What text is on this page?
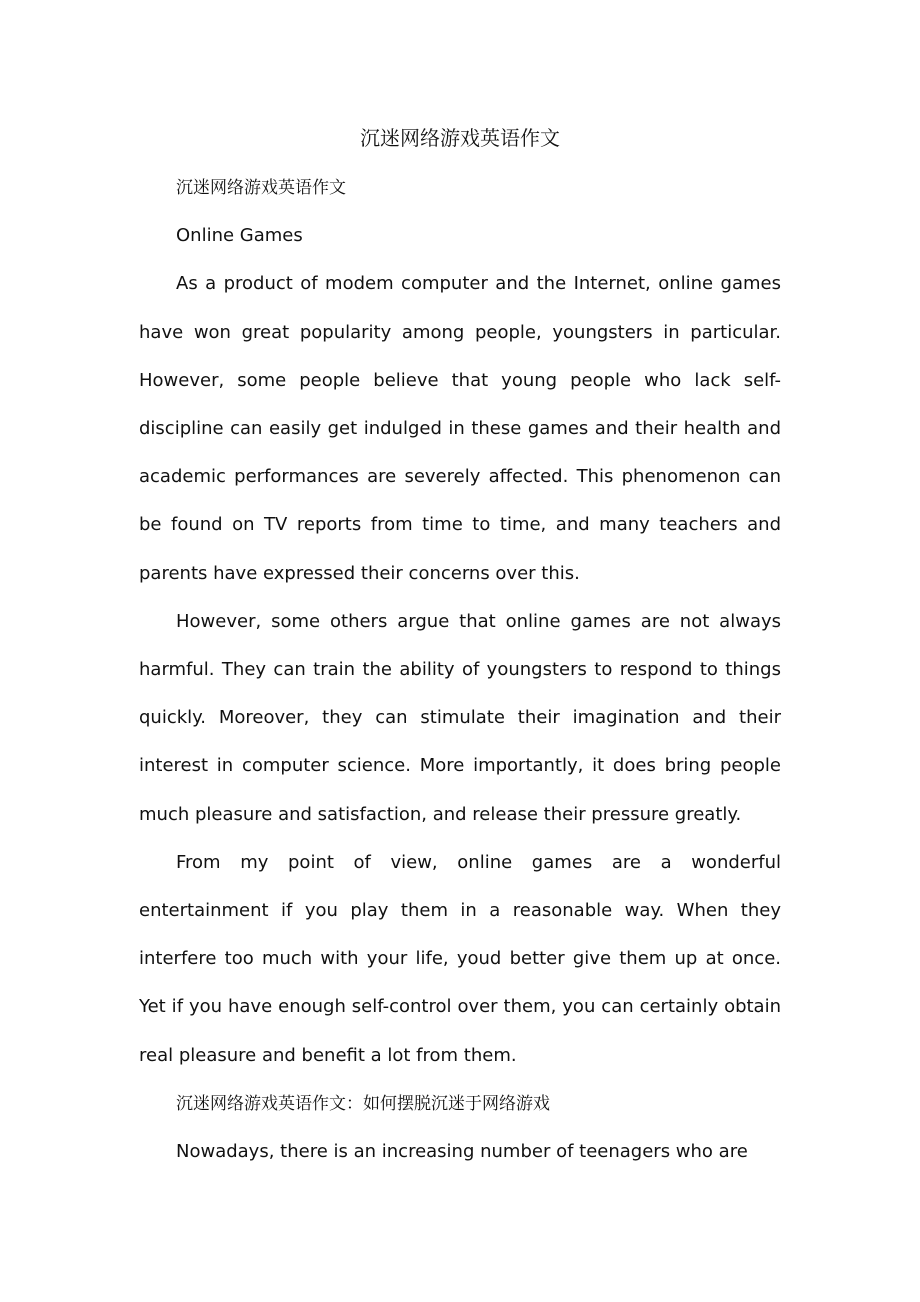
沉迷网络游戏英语作文

沉迷网络游戏英语作文

Online Games

As a product of modem computer and the Internet, online games have won great popularity among people, youngsters in particular. However, some people believe that young people who lack self-discipline can easily get indulged in these games and their health and academic performances are severely affected. This phenomenon can be found on TV reports from time to time, and many teachers and parents have expressed their concerns over this.

However, some others argue that online games are not always harmful. They can train the ability of youngsters to respond to things quickly. Moreover, they can stimulate their imagination and their interest in computer science. More importantly, it does bring people much pleasure and satisfaction, and release their pressure greatly.

From my point of view, online games are a wonderful entertainment if you play them in a reasonable way. When they interfere too much with your life, youd better give them up at once. Yet if you have enough self-control over them, you can certainly obtain real pleasure and benefit a lot from them.

沉迷网络游戏英语作文：如何摆脱沉迷于网络游戏

Nowadays, there is an increasing number of teenagers who are
